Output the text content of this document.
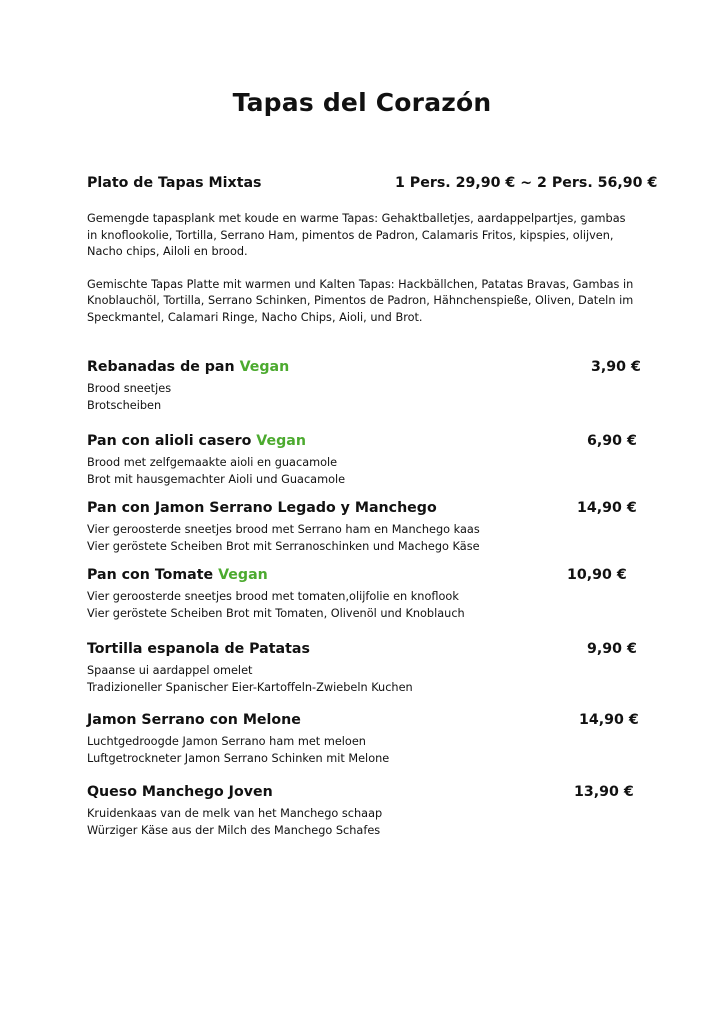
Tapas del Corazón
Plato de Tapas Mixtas	1 Pers. 29,90 € ~ 2 Pers. 56,90 €
Gemengde tapasplank met koude en warme Tapas: Gehaktballetjes, aardappelpartjes, gambas in knoflookolie, Tortilla, Serrano Ham, pimentos de Padron, Calamaris Fritos, kipspies, olijven, Nacho chips, Ailoli en brood.
Gemischte Tapas Platte mit warmen und Kalten Tapas: Hackbällchen, Patatas Bravas, Gambas in Knoblauchöl, Tortilla, Serrano Schinken, Pimentos de Padron, Hähnchenspieße, Oliven, Dateln im Speckmantel, Calamari Ringe, Nacho Chips, Aioli, und Brot.
Rebanadas de pan Vegan	3,90 €
Brood sneetjes
Brotscheiben
Pan con alioli casero Vegan	6,90 €
Brood met zelfgemaakte aioli en guacamole
Brot mit hausgemachter Aioli und Guacamole
Pan con Jamon Serrano Legado y Manchego	14,90 €
Vier geroosterde sneetjes brood met Serrano ham en Manchego kaas
Vier geröstete Scheiben Brot mit Serranoschinken und Machego Käse
Pan con Tomate Vegan	10,90 €
Vier geroosterde sneetjes brood met tomaten,olijfolie en knoflook
Vier geröstete Scheiben Brot mit Tomaten, Olivenöl und Knoblauch
Tortilla espanola de Patatas	9,90 €
Spaanse ui aardappel omelet
Tradizioneller Spanischer Eier-Kartoffeln-Zwiebeln Kuchen
Jamon Serrano con Melone	14,90 €
Luchtgedroogde Jamon Serrano ham met meloen
Luftgetrockneter Jamon Serrano Schinken mit Melone
Queso Manchego Joven	13,90 €
Kruidenkaas van de melk van het Manchego schaap
Würziger Käse aus der Milch des Manchego Schafes
